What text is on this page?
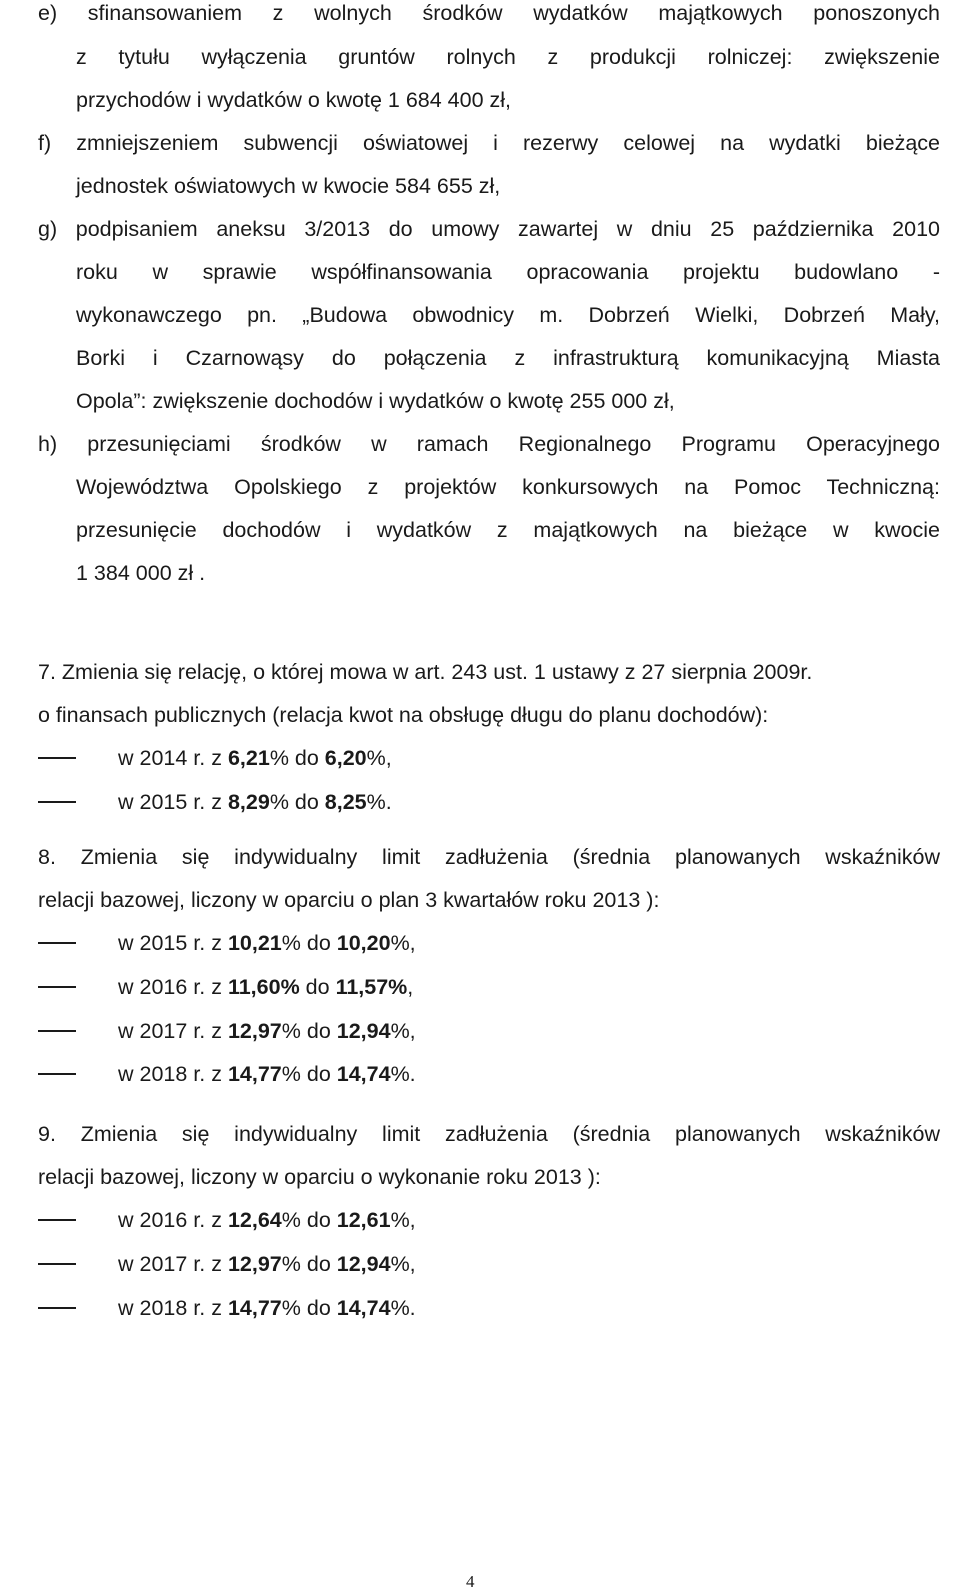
e) sfinansowaniem z wolnych środków wydatków majątkowych ponoszonych
z tytułu wyłączenia gruntów rolnych z produkcji rolniczej: zwiększenie
przychodów i wydatków o kwotę 1 684 400 zł,
f) zmniejszeniem subwencji oświatowej i rezerwy celowej na wydatki bieżące
jednostek oświatowych w kwocie 584 655 zł,
g) podpisaniem aneksu 3/2013 do umowy zawartej w dniu 25 października 2010
roku w sprawie współfinansowania opracowania projektu budowlano -
wykonawczego pn. „Budowa obwodnicy m. Dobrzeń Wielki, Dobrzeń Mały,
Borki i Czarnowąsy do połączenia z infrastrukturą komunikacyjną Miasta
Opola”: zwiększenie dochodów i wydatków o kwotę 255 000 zł,
h) przesunięciami środków w ramach Regionalnego Programu Operacyjnego
Województwa Opolskiego z projektów konkursowych na Pomoc Techniczną:
przesunięcie dochodów i wydatków z majątkowych na bieżące w kwocie
1 384 000 zł .
7. Zmienia się relację, o której mowa w art. 243 ust. 1 ustawy z 27 sierpnia 2009r.
o finansach publicznych (relacja kwot na obsługę długu do planu dochodów):
w 2014 r. z 6,21% do 6,20%,
w 2015 r. z 8,29% do 8,25%.
8. Zmienia się indywidualny limit zadłużenia (średnia planowanych wskaźników
relacji bazowej, liczony w oparciu o plan 3 kwartałów roku 2013 ):
w 2015 r. z 10,21% do 10,20%,
w 2016 r. z 11,60% do 11,57%,
w 2017 r. z 12,97% do 12,94%,
w 2018 r. z 14,77% do 14,74%.
9. Zmienia się indywidualny limit zadłużenia (średnia planowanych wskaźników
relacji bazowej, liczony w oparciu o wykonanie roku 2013 ):
w 2016 r. z 12,64% do 12,61%,
w 2017 r. z 12,97% do 12,94%,
w 2018 r. z 14,77% do 14,74%.
4
